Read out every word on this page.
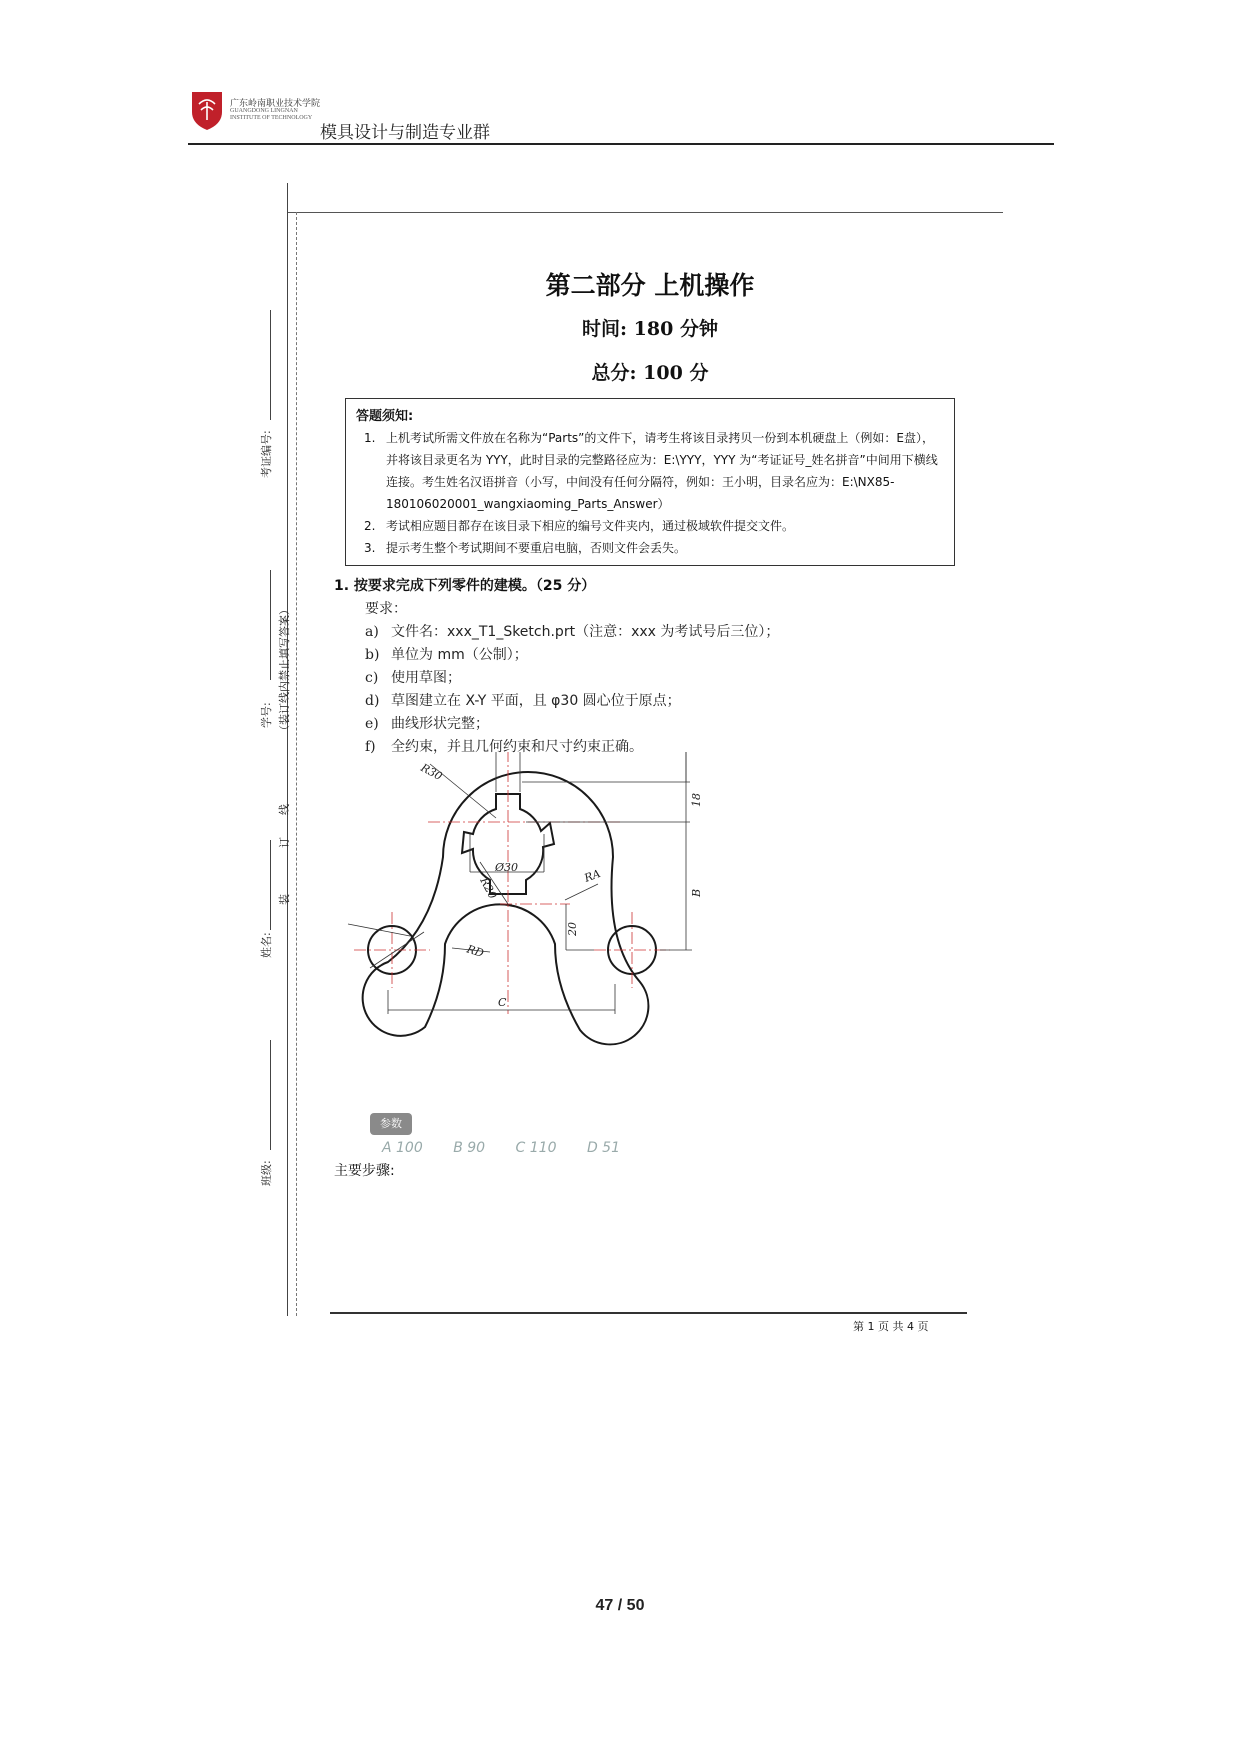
广东岭南职业技术学院
GUANGDONG LINGNAN INSTITUTE OF TECHNOLOGY
模具设计与制造专业群
考证编号:
学号: （装订线内禁止填写答案）
线
订
装
姓名:
班级:
第二部分 上机操作
时间: 180 分钟
总分: 100 分
答题须知:
1. 上机考试所需文件放在名称为“Parts”的文件下，请考生将该目录拷贝一份到本机硬盘上（例如：E盘），并将该目录更名为 YYY，此时目录的完整路径应为：E:\YYY，YYY 为“考证证号_姓名拼音”中间用下横线连接。考生姓名汉语拼音（小写，中间没有任何分隔符，例如：王小明，目录名应为：E:\NX85-180106020001_wangxiaoming_Parts_Answer）
2. 考试相应题目都存在该目录下相应的编号文件夹内，通过极域软件提交文件。
3. 提示考生整个考试期间不要重启电脑，否则文件会丢失。
1. 按要求完成下列零件的建模。（25 分）
要求：
a) 文件名：xxx_T1_Sketch.prt（注意：xxx 为考试号后三位）；
b) 单位为 mm（公制）；
c) 使用草图；
d) 草图建立在 X-Y 平面，且 φ30 圆心位于原点；
e) 曲线形状完整；
f) 全约束，并且几何约束和尺寸约束正确。
R30
18
Ø30	RA
B
R20
20
RD
C
参数
A 100 B 90 C 110 D 51
主要步骤:
第 1 页 共 4 页
47 / 50
